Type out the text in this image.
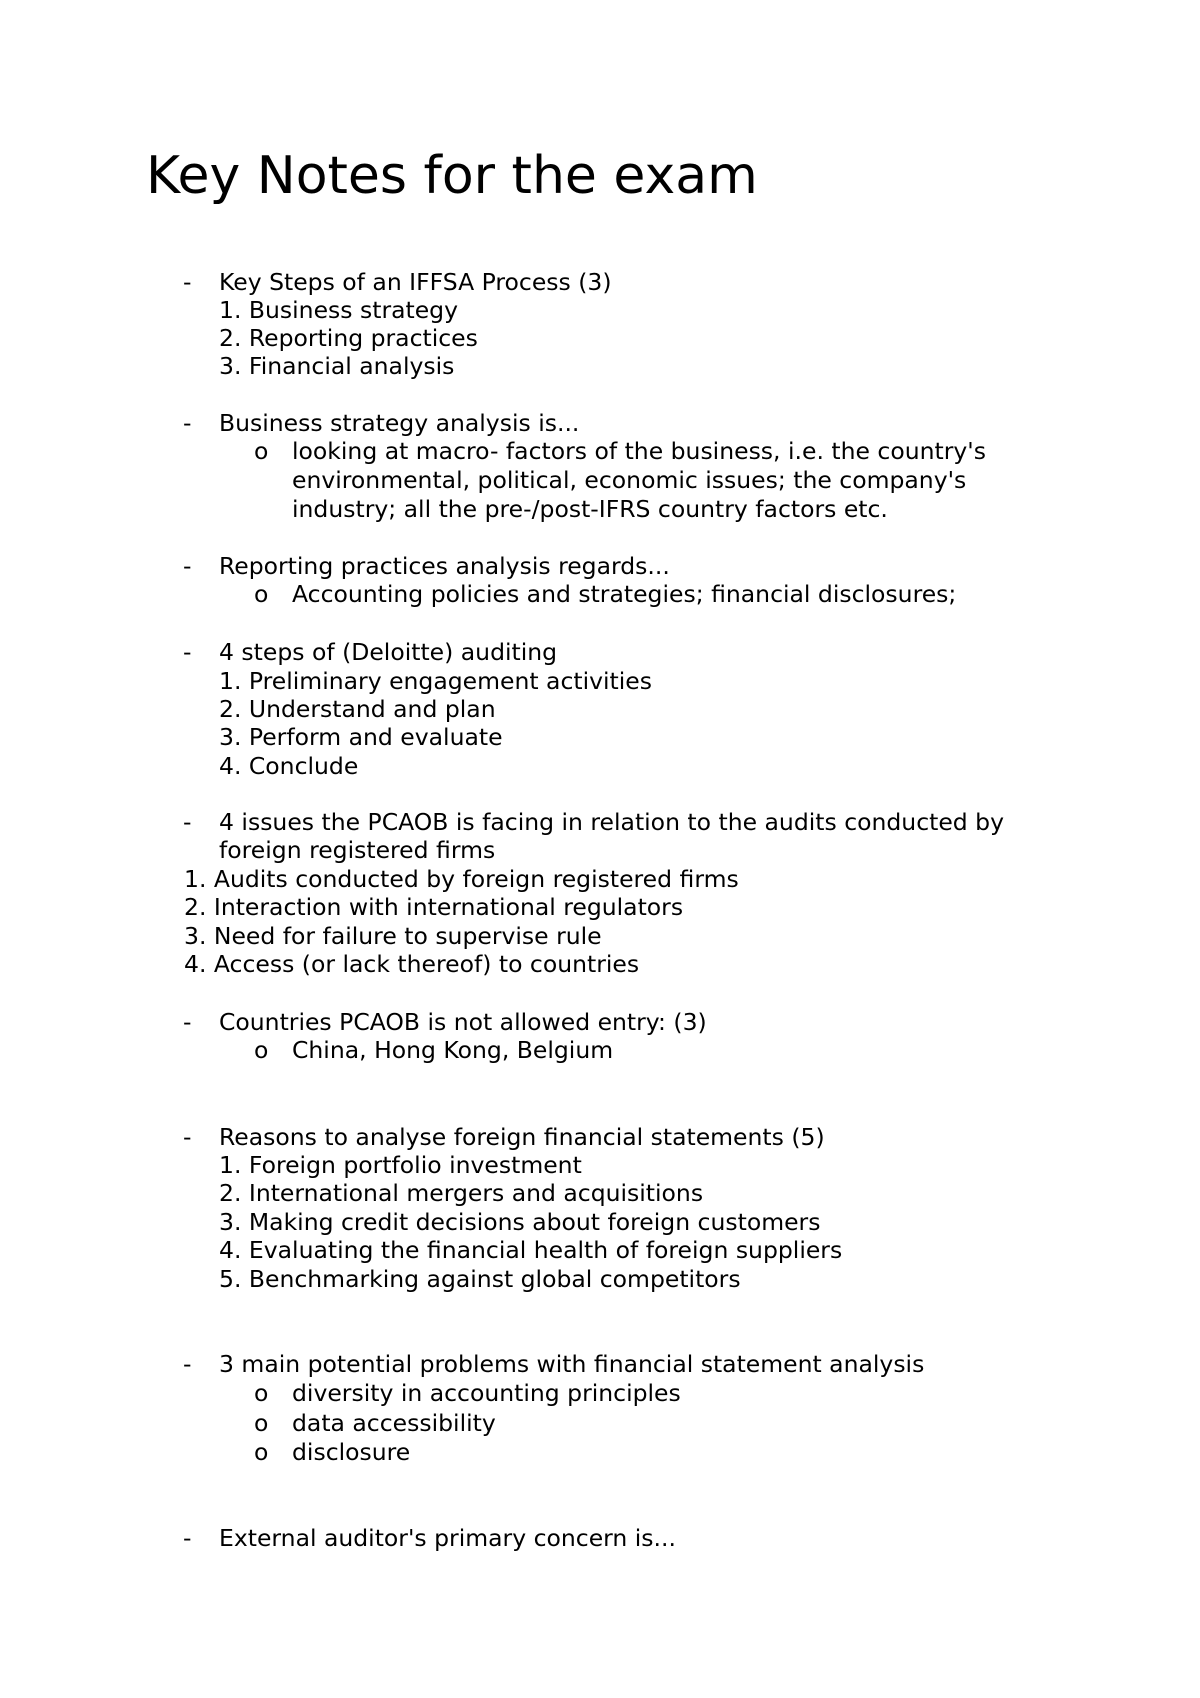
Key Notes for the exam
- Key Steps of an IFFSA Process (3)
1. Business strategy
2. Reporting practices
3. Financial analysis
- Business strategy analysis is...
o looking at macro- factors of the business, i.e. the country's
environmental, political, economic issues; the company's
industry; all the pre-/post-IFRS country factors etc.
- Reporting practices analysis regards...
o Accounting policies and strategies; financial disclosures;
- 4 steps of (Deloitte) auditing
1. Preliminary engagement activities
2. Understand and plan
3. Perform and evaluate
4. Conclude
- 4 issues the PCAOB is facing in relation to the audits conducted by
foreign registered firms
1. Audits conducted by foreign registered firms
2. Interaction with international regulators
3. Need for failure to supervise rule
4. Access (or lack thereof) to countries
- Countries PCAOB is not allowed entry: (3)
o China, Hong Kong, Belgium
- Reasons to analyse foreign financial statements (5)
1. Foreign portfolio investment
2. International mergers and acquisitions
3. Making credit decisions about foreign customers
4. Evaluating the financial health of foreign suppliers
5. Benchmarking against global competitors
- 3 main potential problems with financial statement analysis
o diversity in accounting principles
o data accessibility
o disclosure
- External auditor's primary concern is...
